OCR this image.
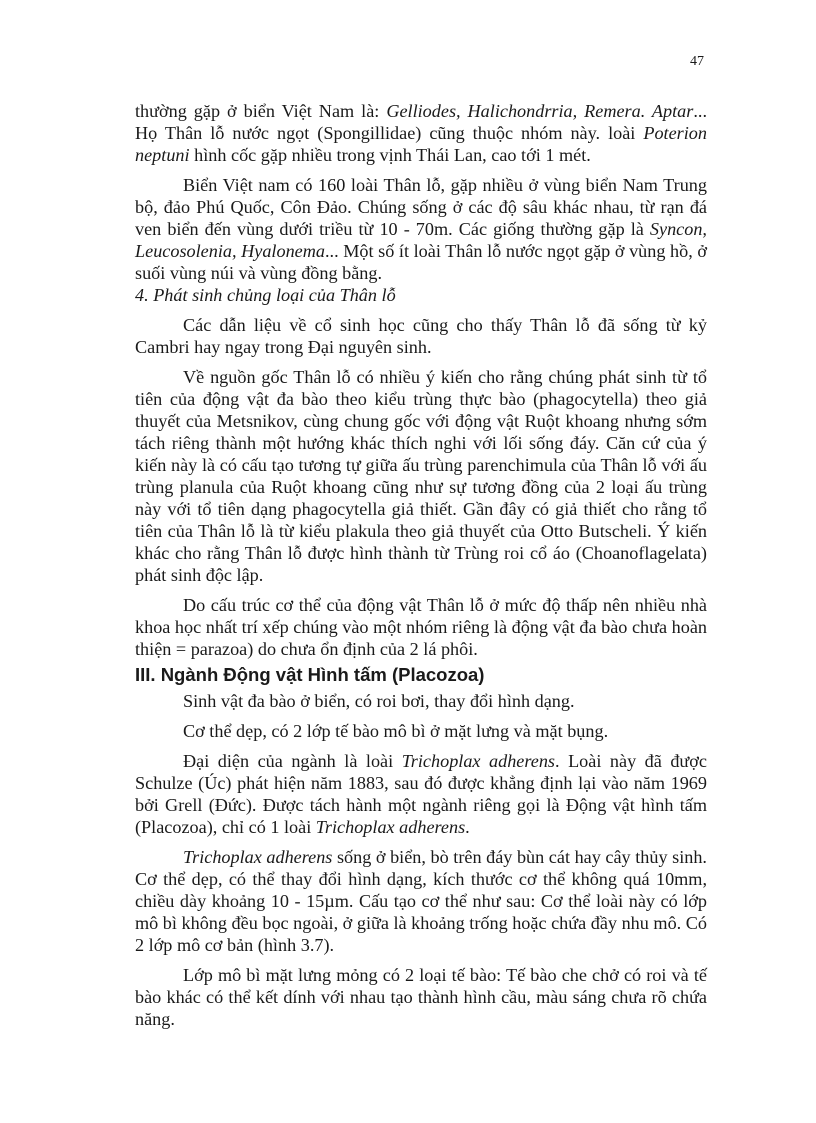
47

thường gặp ở biển Việt Nam là: Gelliodes, Halichondrria, Remera. Aptar... Họ Thân lỗ nước ngọt (Spongillidae) cũng thuộc nhóm này. loài Poterion neptuni hình cốc gặp nhiều trong vịnh Thái Lan, cao tới 1 mét.

Biển Việt nam có 160 loài Thân lỗ, gặp nhiều ở vùng biển Nam Trung bộ, đảo Phú Quốc, Côn Đảo. Chúng sống ở các độ sâu khác nhau, từ rạn đá ven biển đến vùng dưới triều từ 10 - 70m. Các giống thường gặp là Syncon, Leucosolenia, Hyalonema... Một số ít loài Thân lỗ nước ngọt gặp ở vùng hồ, ở suối vùng núi và vùng đồng bằng.

4. Phát sinh chủng loại của Thân lỗ

Các dẫn liệu về cổ sinh học cũng cho thấy Thân lỗ đã sống từ kỷ Cambri hay ngay trong Đại nguyên sinh.

Về nguồn gốc Thân lỗ có nhiều ý kiến cho rằng chúng phát sinh từ tổ tiên của động vật đa bào theo kiểu trùng thực bào (phagocytella) theo giả thuyết của Metsnikov, cùng chung gốc với động vật Ruột khoang nhưng sớm tách riêng thành một hướng khác thích nghi với lối sống đáy. Căn cứ của ý kiến này là có cấu tạo tương tự giữa ấu trùng parenchimula của Thân lỗ với ấu trùng planula của Ruột khoang cũng như sự tương đồng của 2 loại ấu trùng này với tổ tiên dạng phagocytella giả thiết. Gần đây có giả thiết cho rằng tổ tiên của Thân lỗ là từ kiểu plakula theo giả thuyết của Otto Butscheli. Ý kiến khác cho rằng Thân lỗ được hình thành từ Trùng roi cổ áo (Choanoflagelata) phát sinh độc lập.

Do cấu trúc cơ thể của động vật Thân lỗ ở mức độ thấp nên nhiều nhà khoa học nhất trí xếp chúng vào một nhóm riêng là động vật đa bào chưa hoàn thiện = parazoa) do chưa ổn định của 2 lá phôi.

III. Ngành Động vật Hình tấm (Placozoa)

Sinh vật đa bào ở biển, có roi bơi, thay đổi hình dạng.

Cơ thể dẹp, có 2 lớp tế bào mô bì ở mặt lưng và mặt bụng.

Đại diện của ngành là loài Trichoplax adherens. Loài này đã được Schulze (Úc) phát hiện năm 1883, sau đó được khẳng định lại vào năm 1969 bởi Grell (Đức). Được tách hành một ngành riêng gọi là Động vật hình tấm (Placozoa), chỉ có 1 loài Trichoplax adherens.

Trichoplax adherens sống ở biển, bò trên đáy bùn cát hay cây thủy sinh. Cơ thể dẹp, có thể thay đổi hình dạng, kích thước cơ thể không quá 10mm, chiều dày khoảng 10 - 15µm. Cấu tạo cơ thể như sau: Cơ thể loài này có lớp mô bì không đều bọc ngoài, ở giữa là khoảng trống hoặc chứa đầy nhu mô. Có 2 lớp mô cơ bản (hình 3.7).

Lớp mô bì mặt lưng mỏng có 2 loại tế bào: Tế bào che chở có roi và tế bào khác có thể kết dính với nhau tạo thành hình cầu, màu sáng chưa rõ chứa năng.
